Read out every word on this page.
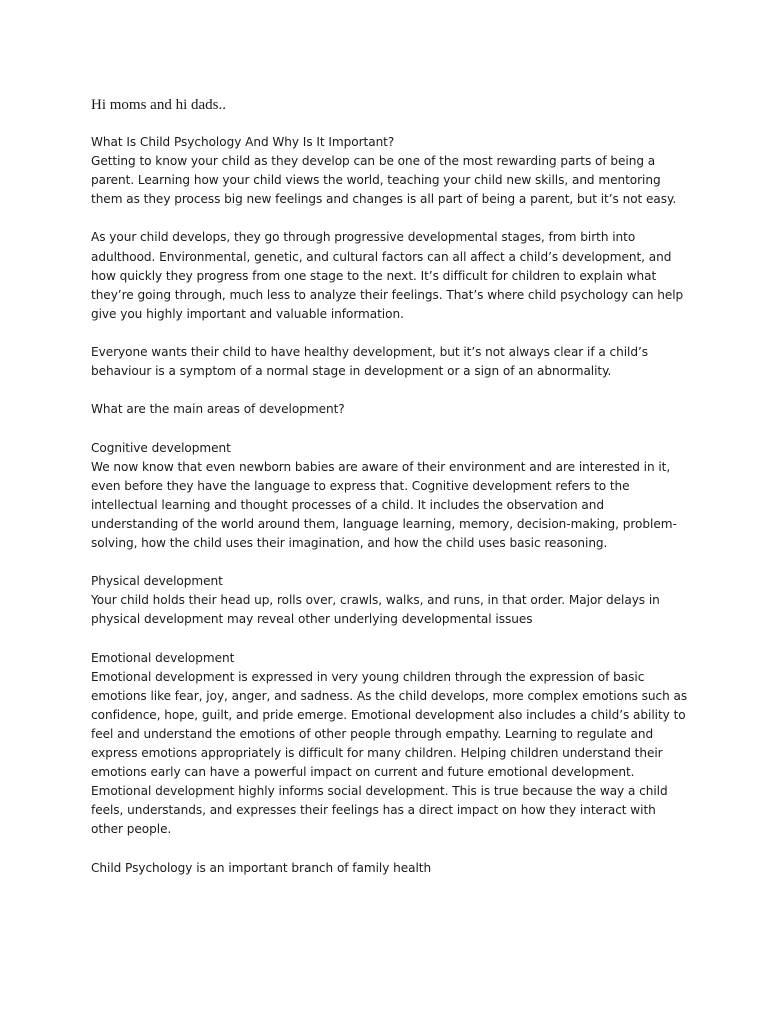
Hi moms and hi dads..

What Is Child Psychology And Why Is It Important?
Getting to know your child as they develop can be one of the most rewarding parts of being a parent. Learning how your child views the world, teaching your child new skills, and mentoring them as they process big new feelings and changes is all part of being a parent, but it’s not easy.
As your child develops, they go through progressive developmental stages, from birth into adulthood. Environmental, genetic, and cultural factors can all affect a child’s development, and how quickly they progress from one stage to the next. It’s difficult for children to explain what they’re going through, much less to analyze their feelings. That’s where child psychology can help give you highly important and valuable information.
Everyone wants their child to have healthy development, but it’s not always clear if a child’s behaviour is a symptom of a normal stage in development or a sign of an abnormality.
What are the main areas of development?
Cognitive development
We now know that even newborn babies are aware of their environment and are interested in it, even before they have the language to express that. Cognitive development refers to the intellectual learning and thought processes of a child. It includes the observation and understanding of the world around them, language learning, memory, decision-making, problem-solving, how the child uses their imagination, and how the child uses basic reasoning.
Physical development
Your child holds their head up, rolls over, crawls, walks, and runs, in that order. Major delays in physical development may reveal other underlying developmental issues
Emotional development
Emotional development is expressed in very young children through the expression of basic emotions like fear, joy, anger, and sadness. As the child develops, more complex emotions such as confidence, hope, guilt, and pride emerge. Emotional development also includes a child’s ability to feel and understand the emotions of other people through empathy. Learning to regulate and express emotions appropriately is difficult for many children. Helping children understand their emotions early can have a powerful impact on current and future emotional development. Emotional development highly informs social development. This is true because the way a child feels, understands, and expresses their feelings has a direct impact on how they interact with other people.
Child Psychology is an important branch of family health
